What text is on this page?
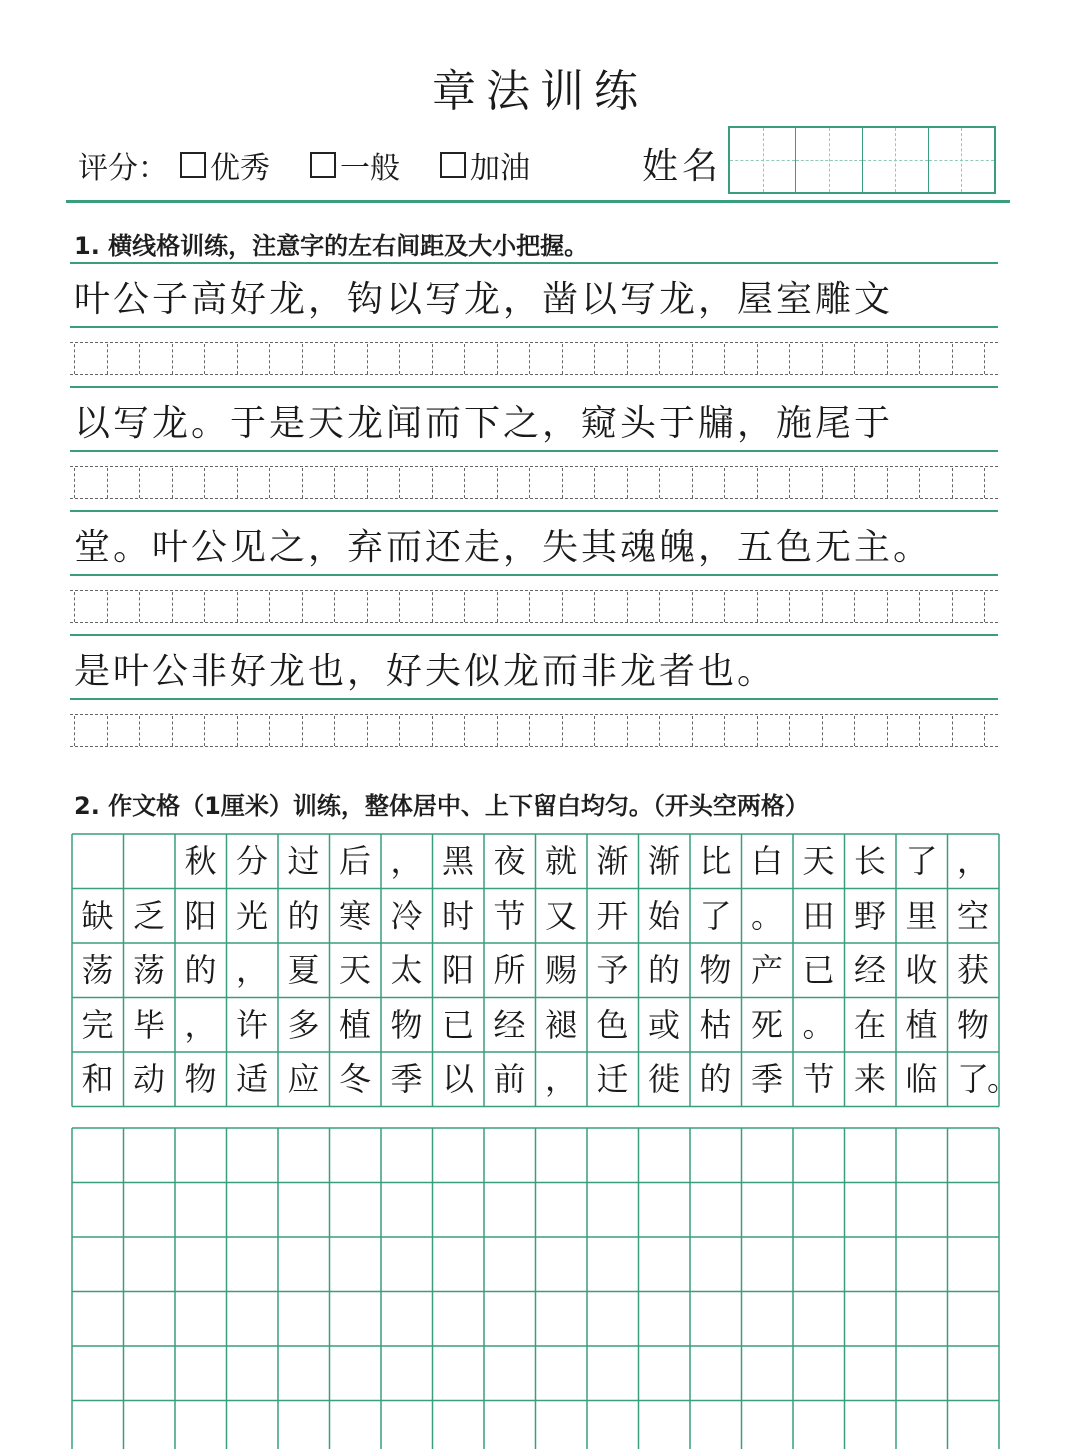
章法训练
评分： 优秀 一般 加油	姓名
1. 横线格训练，注意字的左右间距及大小把握。
叶公子高好龙，钩以写龙，凿以写龙，屋室雕文
以写龙。于是天龙闻而下之，窥头于牖，施尾于
堂。叶公见之，弃而还走，失其魂魄，五色无主。
是叶公非好龙也，好夫似龙而非龙者也。
2. 作文格（1厘米）训练，整体居中、上下留白均匀。（开头空两格）
秋 分 过 后 ， 黑 夜 就 渐 渐 比 白 天 长 了 ，
缺 乏 阳 光 的 寒 冷 时 节 又 开 始 了 。 田 野 里 空
荡 荡 的 ， 夏 天 太 阳 所 赐 予 的 物 产 已 经 收 获
完 毕 ， 许 多 植 物 已 经 褪 色 或 枯 死 。 在 植 物
和 动 物 适 应 冬 季 以 前 ， 迁 徙 的 季 节 来 临 了
。
